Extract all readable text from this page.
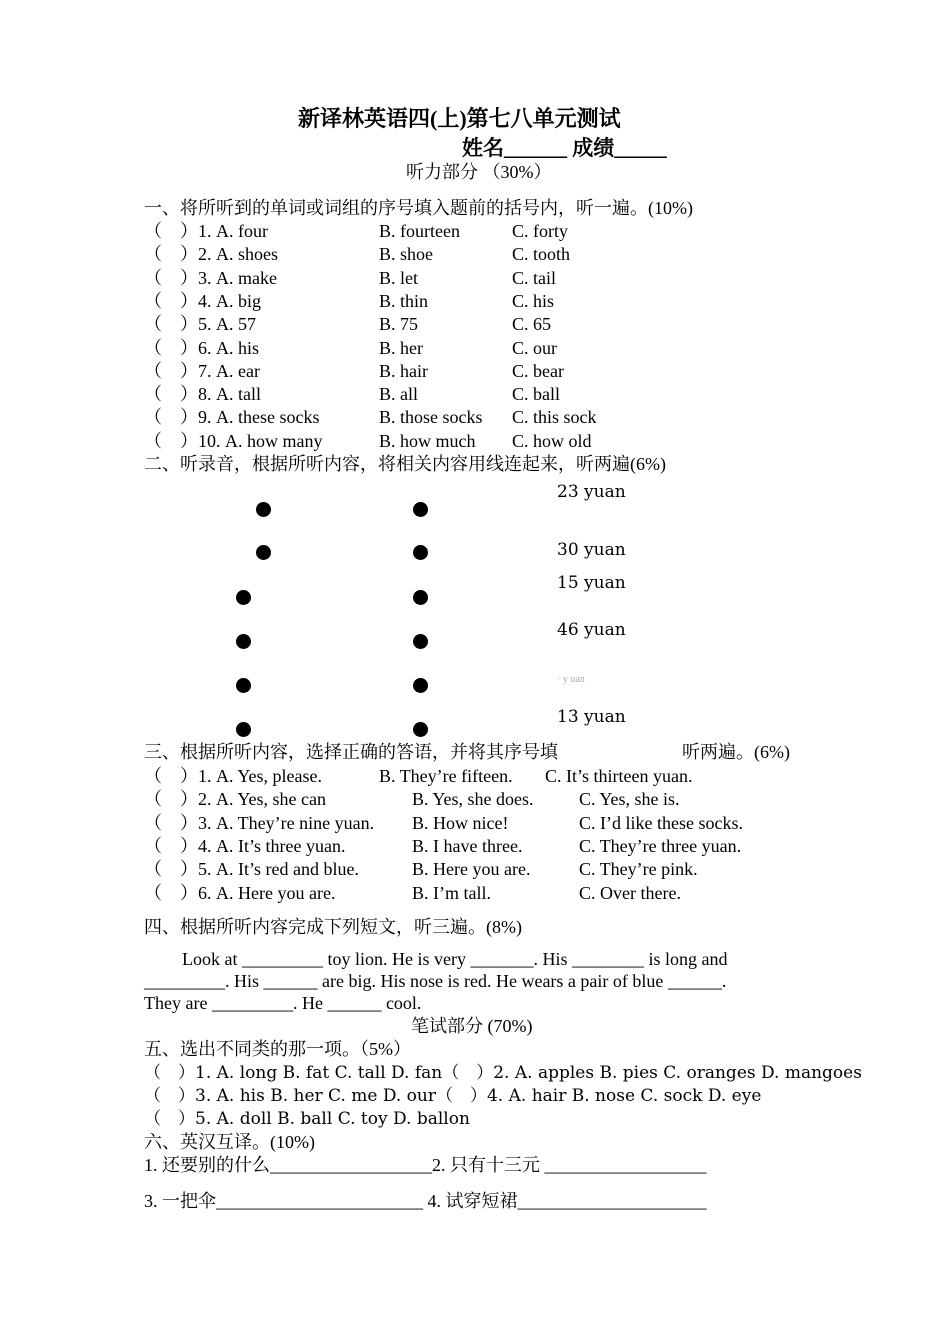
新译林英语四(上)第七八单元测试
姓名______ 成绩_____
听力部分 （30%）
一、将所听到的单词或词组的序号填入题前的括号内，听一遍。(10%)
（　）1. A. four	B. fourteen	C. forty
（　）2. A. shoes	B. shoe	C. tooth
（　）3. A. make	B. let	C. tail
（　）4. A. big	B. thin	C. his
（　）5. A. 57	B. 75	C. 65
（　）6. A. his	B. her	C. our
（　）7. A. ear	B. hair	C. bear
（　）8. A. tall	B. all	C. ball
（　）9. A. these socks	B. those socks C. this sock
（　）10. A. how many	B. how much C. how old
二、听录音，根据所听内容，将相关内容用线连起来，听两遍(6%)
23 yuan
30 yuan
15 yuan
46 yuan
· y uan
13 yuan
三、根据所听内容，选择正确的答语，并将其序号填	听两遍。(6%)
（　）1. A. Yes, please.	B. They’re fifteen. C. It’s thirteen yuan.
（　）2. A. Yes, she can	B. Yes, she does.	C. Yes, she is.
（　）3. A. They’re nine yuan. B. How nice!	C. I’d like these socks.
（　）4. A. It’s three yuan.	B. I have three.	C. They’re three yuan.
（　）5. A. It’s red and blue.	B. Here you are.	C. They’re pink.
（　）6. A. Here you are.	B. I’m tall.	C. Over there.
四、根据所听内容完成下列短文，听三遍。(8%)
Look at _________ toy lion. He is very _______. His ________ is long and
_________. His ______ are big. His nose is red. He wears a pair of blue ______.
They are _________. He ______ cool.
笔试部分 (70%)
五、选出不同类的那一项。（5%）
（　）1. A. long B. fat C. tall D. fan（　）2. A. apples B. pies C. oranges D. mangoes
（　）3. A. his B. her C. me D. our（　）4. A. hair B. nose C. sock D. eye
（　）5. A. doll B. ball C. toy D. ballon
六、英汉互译。(10%)
1. 还要别的什么__________________2. 只有十三元 __________________
3. 一把伞_______________________ 4. 试穿短裙_____________________
